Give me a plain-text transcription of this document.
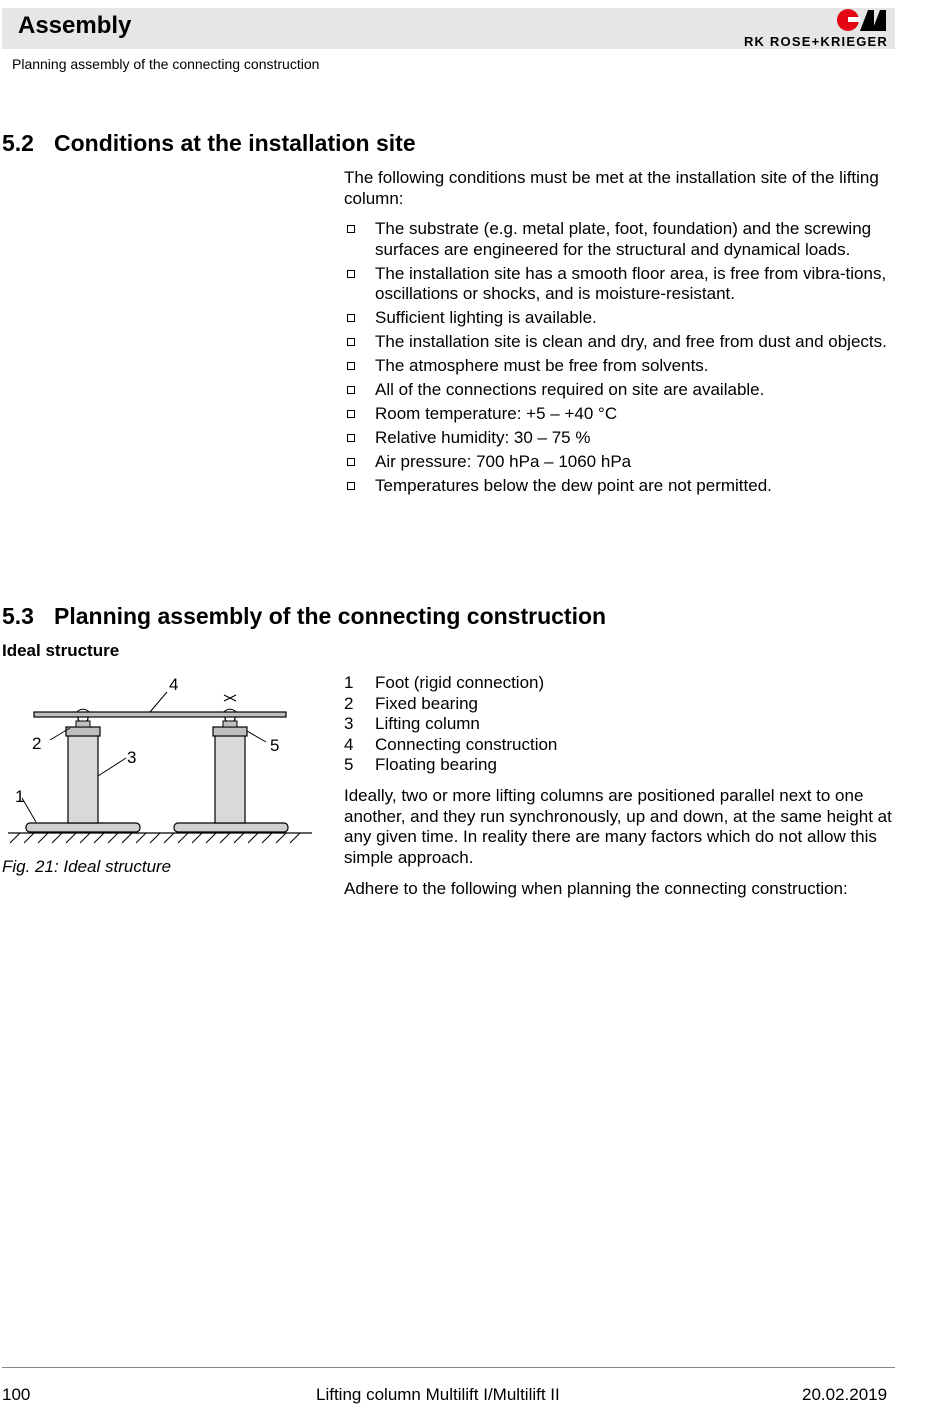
Assembly
Planning assembly of the connecting construction
RK ROSE+KRIEGER
5.2 Conditions at the installation site
The following conditions must be met at the installation site of the lifting column:
The substrate (e.g. metal plate, foot, foundation) and the screwing surfaces are engineered for the structural and dynamical loads.
The installation site has a smooth floor area, is free from vibra-tions, oscillations or shocks, and is moisture-resistant.
Sufficient lighting is available.
The installation site is clean and dry, and free from dust and objects.
The atmosphere must be free from solvents.
All of the connections required on site are available.
Room temperature: +5 – +40 °C
Relative humidity: 30 – 75 %
Air pressure: 700 hPa – 1060 hPa
Temperatures below the dew point are not permitted.
5.3 Planning assembly of the connecting construction
Ideal structure
1
2
3
4
5
Fig. 21: Ideal structure
1 Foot (rigid connection)
2 Fixed bearing
3 Lifting column
4 Connecting construction
5 Floating bearing
Ideally, two or more lifting columns are positioned parallel next to one another, and they run synchronously, up and down, at the same height at any given time. In reality there are many factors which do not allow this simple approach.
Adhere to the following when planning the connecting construction:
100	Lifting column Multilift I/Multilift II	20.02.2019
